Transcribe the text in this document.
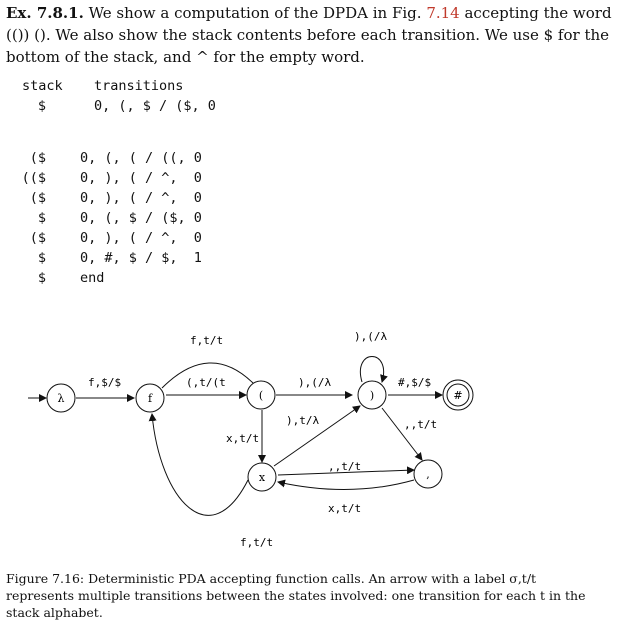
Ex. 7.8.1. We show a computation of the DPDA in Fig. 7.14 accepting the word (()) (). We also show the stack contents before each transition. We use $ for the bottom of the stack, and ^ for the empty word.
stack transitions
$	0, (, $ / ($, 0
($	0, (, ( / ((, 0
(($	0, ), ( / ^,  0
($	0, ), ( / ^,  0
$	0, (, $ / ($, 0
($	0, ), ( / ^,  0
$	0, #, $ / $,  1
$	end
λ	f	(	)	#
x	,
f,$/$
f,t/t
(,t/(t	),(/λ
),(/λ
#,$/$
x,t/t
),t/λ	,,t/t
,,t/t
x,t/t
f,t/t
Figure 7.16: Deterministic PDA accepting function calls. An arrow with a label σ,t/t represents multiple transitions between the states involved: one transition for each t in the stack alphabet.
